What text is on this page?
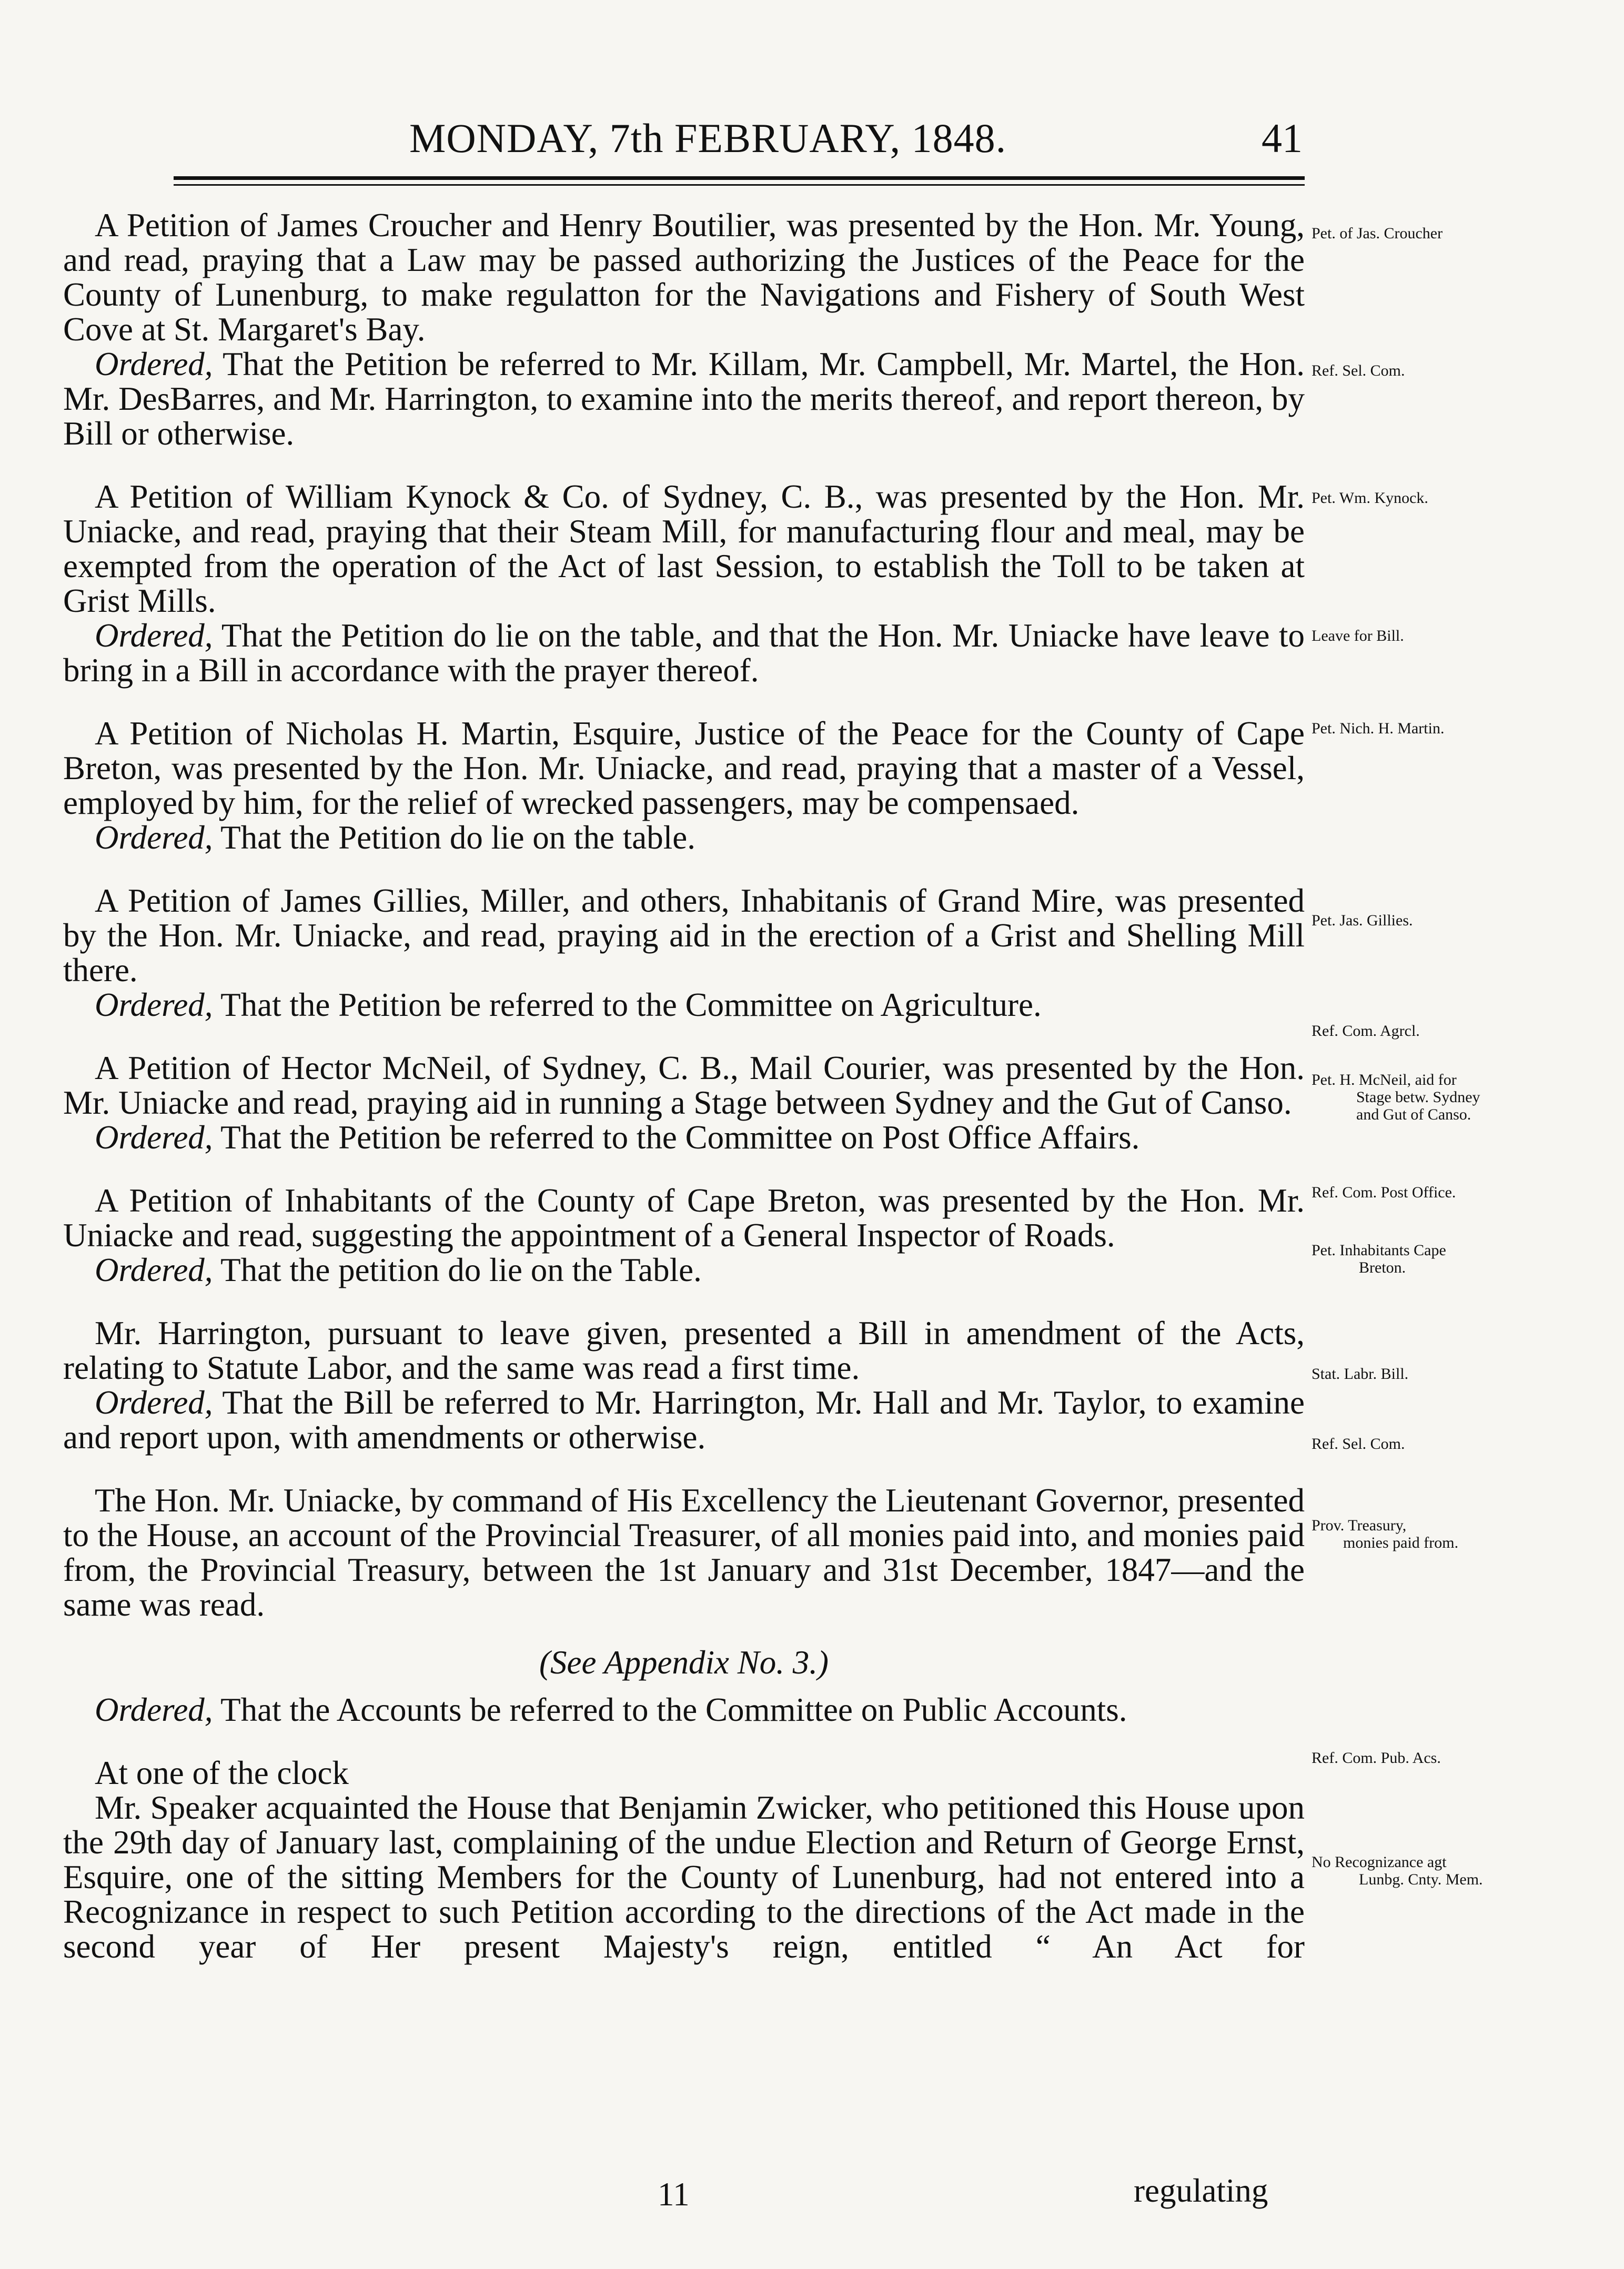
MONDAY, 7th FEBRUARY, 1848.	41

A Petition of James Croucher and Henry Boutilier, was presented by the Hon. Mr. Young, and read, praying that a Law may be passed authorizing the Justices of the Peace for the County of Lunenburg, to make regulatton for the Navigations and Fishery of South West Cove at St. Margaret's Bay.

Ordered, That the Petition be referred to Mr. Killam, Mr. Campbell, Mr. Martel, the Hon. Mr. DesBarres, and Mr. Harrington, to examine into the merits thereof, and report thereon, by Bill or otherwise.

A Petition of William Kynock & Co. of Sydney, C. B., was presented by the Hon. Mr. Uniacke, and read, praying that their Steam Mill, for manufacturing flour and meal, may be exempted from the operation of the Act of last Session, to establish the Toll to be taken at Grist Mills.

Ordered, That the Petition do lie on the table, and that the Hon. Mr. Uniacke have leave to bring in a Bill in accordance with the prayer thereof.

A Petition of Nicholas H. Martin, Esquire, Justice of the Peace for the County of Cape Breton, was presented by the Hon. Mr. Uniacke, and read, praying that a master of a Vessel, employed by him, for the relief of wrecked passengers, may be compensaed.

Ordered, That the Petition do lie on the table.

A Petition of James Gillies, Miller, and others, Inhabitanis of Grand Mire, was presented by the Hon. Mr. Uniacke, and read, praying aid in the erection of a Grist and Shelling Mill there.

Ordered, That the Petition be referred to the Committee on Agriculture.

A Petition of Hector McNeil, of Sydney, C. B., Mail Courier, was presented by the Hon. Mr. Uniacke and read, praying aid in running a Stage between Sydney and the Gut of Canso.

Ordered, That the Petition be referred to the Committee on Post Office Affairs.

A Petition of Inhabitants of the County of Cape Breton, was presented by the Hon. Mr. Uniacke and read, suggesting the appointment of a General Inspector of Roads.

Ordered, That the petition do lie on the Table.

Mr. Harrington, pursuant to leave given, presented a Bill in amendment of the Acts, relating to Statute Labor, and the same was read a first time.

Ordered, That the Bill be referred to Mr. Harrington, Mr. Hall and Mr. Taylor, to examine and report upon, with amendments or otherwise.

The Hon. Mr. Uniacke, by command of His Excellency the Lieutenant Governor, presented to the House, an account of the Provincial Treasurer, of all monies paid into, and monies paid from, the Provincial Treasury, between the 1st January and 31st December, 1847—and the same was read.

(See Appendix No. 3.)

Ordered, That the Accounts be referred to the Committee on Public Accounts.

At one of the clock

Mr. Speaker acquainted the House that Benjamin Zwicker, who petitioned this House upon the 29th day of January last, complaining of the undue Election and Return of George Ernst, Esquire, one of the sitting Members for the County of Lunenburg, had not entered into a Recognizance in respect to such Petition according to the directions of the Act made in the second year of Her present Majesty's reign, entitled “ An Act for

Pet. of Jas. Croucher
Ref. Sel. Com.
Pet. Wm. Kynock.
Leave for Bill.
Pet. Nich. H. Martin.
Pet. Jas. Gillies.
Ref. Com. Agrcl.
Pet. H. McNeil, aid for
Stage betw. Sydney
and Gut of Canso.
Ref. Com. Post Office.
Pet. Inhabitants Cape
Breton.
Stat. Labr. Bill.
Ref. Sel. Com.
Prov. Treasury,
monies paid from.
Ref. Com. Pub. Acs.
No Recognizance agt
Lunbg. Cnty. Mem.
11	regulating
